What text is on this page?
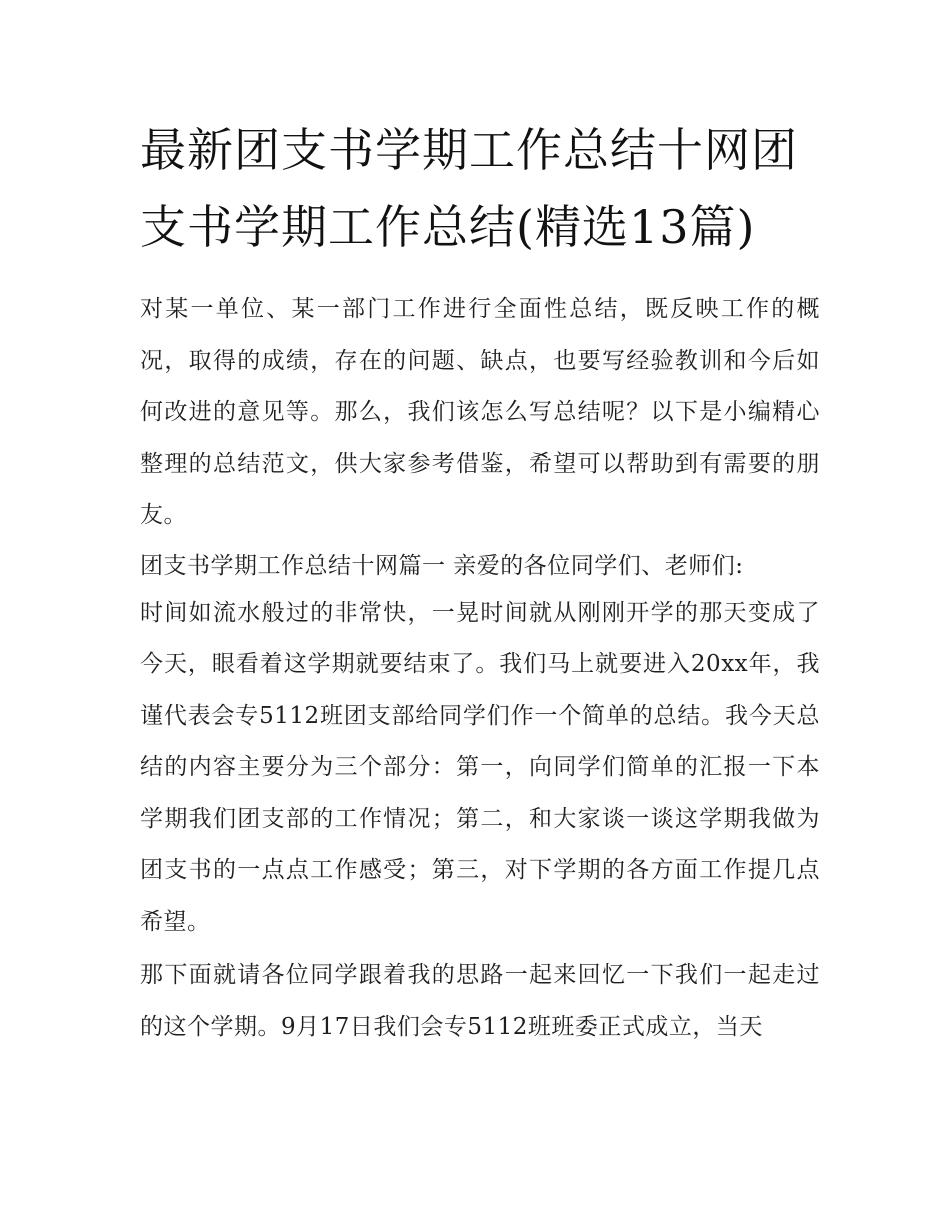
最新团支书学期工作总结十网团支书学期工作总结(精选13篇)

对某一单位、某一部门工作进行全面性总结，既反映工作的概况，取得的成绩，存在的问题、缺点，也要写经验教训和今后如何改进的意见等。那么，我们该怎么写总结呢？以下是小编精心整理的总结范文，供大家参考借鉴，希望可以帮助到有需要的朋友。

团支书学期工作总结十网篇一 亲爱的各位同学们、老师们:

时间如流水般过的非常快，一晃时间就从刚刚开学的那天变成了今天，眼看着这学期就要结束了。我们马上就要进入20xx年，我谨代表会专5112班团支部给同学们作一个简单的总结。我今天总结的内容主要分为三个部分：第一，向同学们简单的汇报一下本学期我们团支部的工作情况；第二，和大家谈一谈这学期我做为团支书的一点点工作感受；第三，对下学期的各方面工作提几点希望。

那下面就请各位同学跟着我的思路一起来回忆一下我们一起走过的这个学期。9月17日我们会专5112班班委正式成立，当天
